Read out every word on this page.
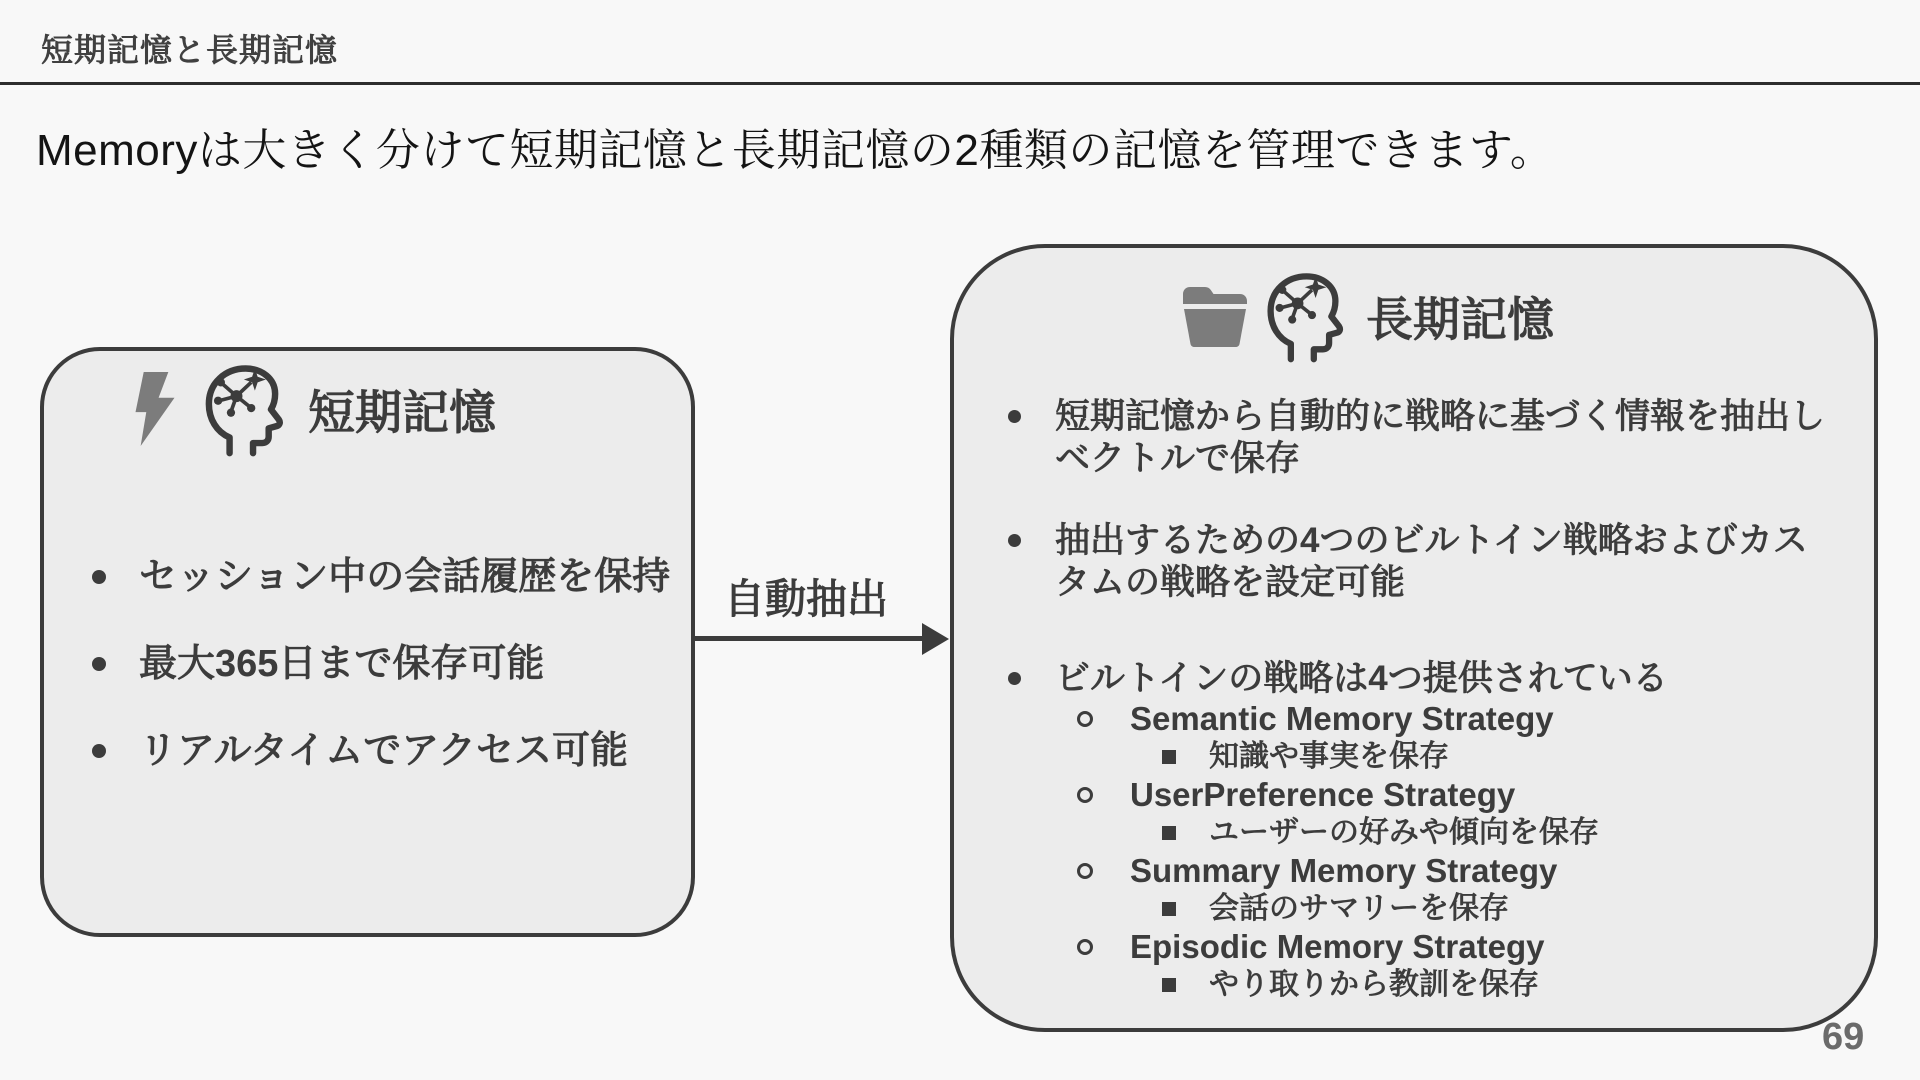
短期記憶と長期記憶
Memoryは大きく分けて短期記憶と長期記憶の2種類の記憶を管理できます。
短期記憶
セッション中の会話履歴を保持
最大365日まで保存可能
リアルタイムでアクセス可能
自動抽出
長期記憶
短期記憶から自動的に戦略に基づく情報を抽出し
ベクトルで保存
抽出するための4つのビルトイン戦略およびカス
タムの戦略を設定可能
ビルトインの戦略は4つ提供されている
Semantic Memory Strategy
知識や事実を保存
UserPreference Strategy
ユーザーの好みや傾向を保存
Summary Memory Strategy
会話のサマリーを保存
Episodic Memory Strategy
やり取りから教訓を保存
69
